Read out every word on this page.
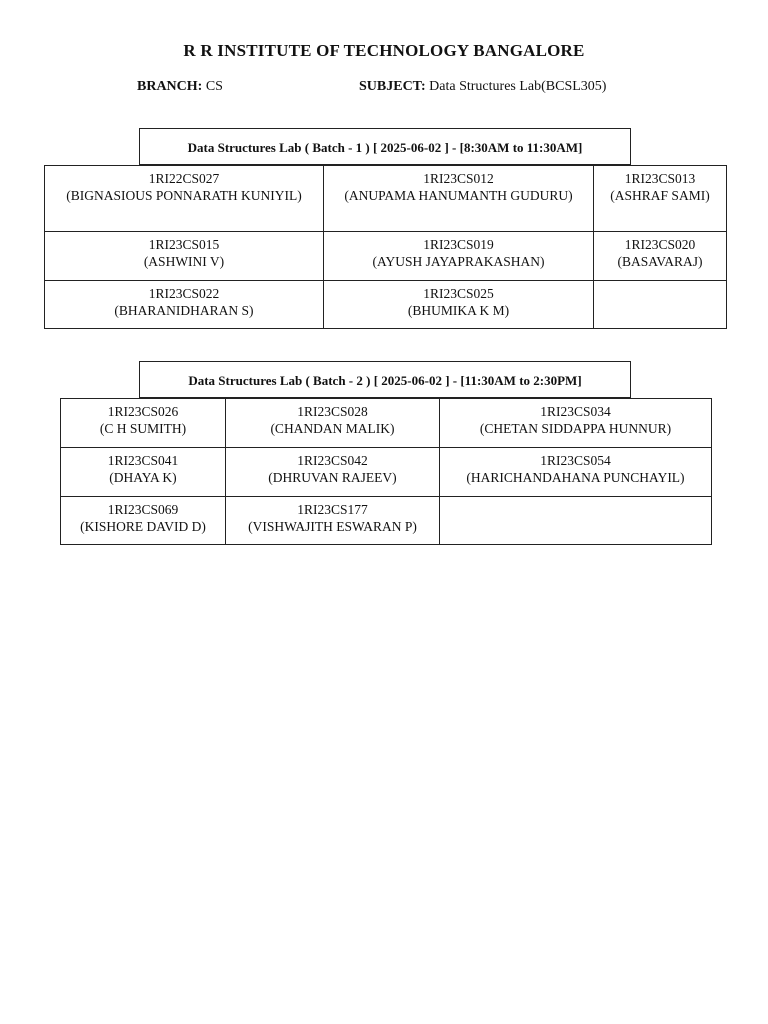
R R INSTITUTE OF TECHNOLOGY BANGALORE
BRANCH: CS	SUBJECT: Data Structures Lab(BCSL305)
Data Structures Lab ( Batch - 1 ) [ 2025-06-02 ] - [8:30AM to 11:30AM]
1RI22CS027
(BIGNASIOUS PONNARATH KUNIYIL)	1RI23CS012
(ANUPAMA HANUMANTH GUDURU)	1RI23CS013
(ASHRAF SAMI)

1RI23CS015
(ASHWINI V)	1RI23CS019
(AYUSH JAYAPRAKASHAN)	1RI23CS020
(BASAVARAJ)

1RI23CS022
(BHARANIDHARAN S)	1RI23CS025
(BHUMIKA K M)	

Data Structures Lab ( Batch - 2 ) [ 2025-06-02 ] - [11:30AM to 2:30PM]
1RI23CS026
(C H SUMITH)	1RI23CS028
(CHANDAN MALIK)	1RI23CS034
(CHETAN SIDDAPPA HUNNUR)

1RI23CS041
(DHAYA K)	1RI23CS042
(DHRUVAN RAJEEV)	1RI23CS054
(HARICHANDAHANA PUNCHAYIL)

1RI23CS069
(KISHORE DAVID D)	1RI23CS177
(VISHWAJITH ESWARAN P)	
